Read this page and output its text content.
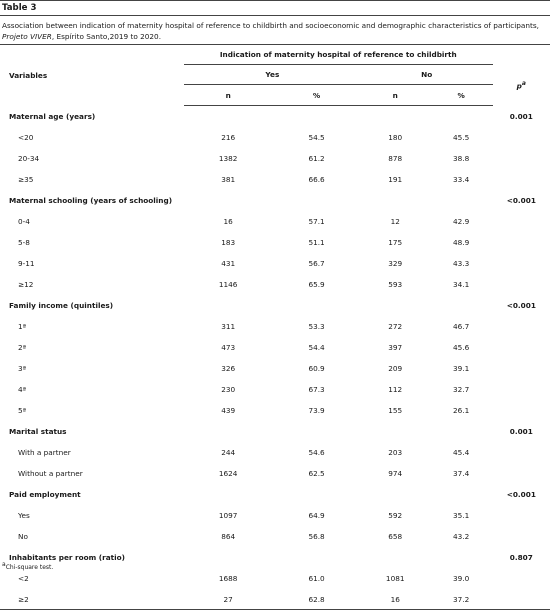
Table 3
Association between indication of maternity hospital of reference to childbirth and socioeconomic and demographic characteristics of participants,
Projeto VIVER, Espírito Santo,2019 to 2020.
Variables	Indication of maternity hospital of reference to childbirth				
	Yes		No		$p^a$
	n	%	n	%	
Maternal age (years)					0.001
<20	216	54.5	180	45.5	
20-34	1382	61.2	878	38.8	
≥35	381	66.6	191	33.4	
Maternal schooling (years of schooling)					<0.001
0-4	16	57.1	12	42.9	
5-8	183	51.1	175	48.9	
9-11	431	56.7	329	43.3	
≥12	1146	65.9	593	34.1	
Family income (quintiles)					<0.001
1ª	311	53.3	272	46.7	
2ª	473	54.4	397	45.6	
3ª	326	60.9	209	39.1	
4ª	230	67.3	112	32.7	
5ª	439	73.9	155	26.1	
Marital status					0.001
With a partner	244	54.6	203	45.4	
Without a partner	1624	62.5	974	37.4	
Paid employment					<0.001
Yes	1097	64.9	592	35.1	
No	864	56.8	658	43.2	
Inhabitants per room (ratio)					0.807
<2	1688	61.0	1081	39.0	
≥2	27	62.8	16	37.2	
$^a$Chi-square test.
